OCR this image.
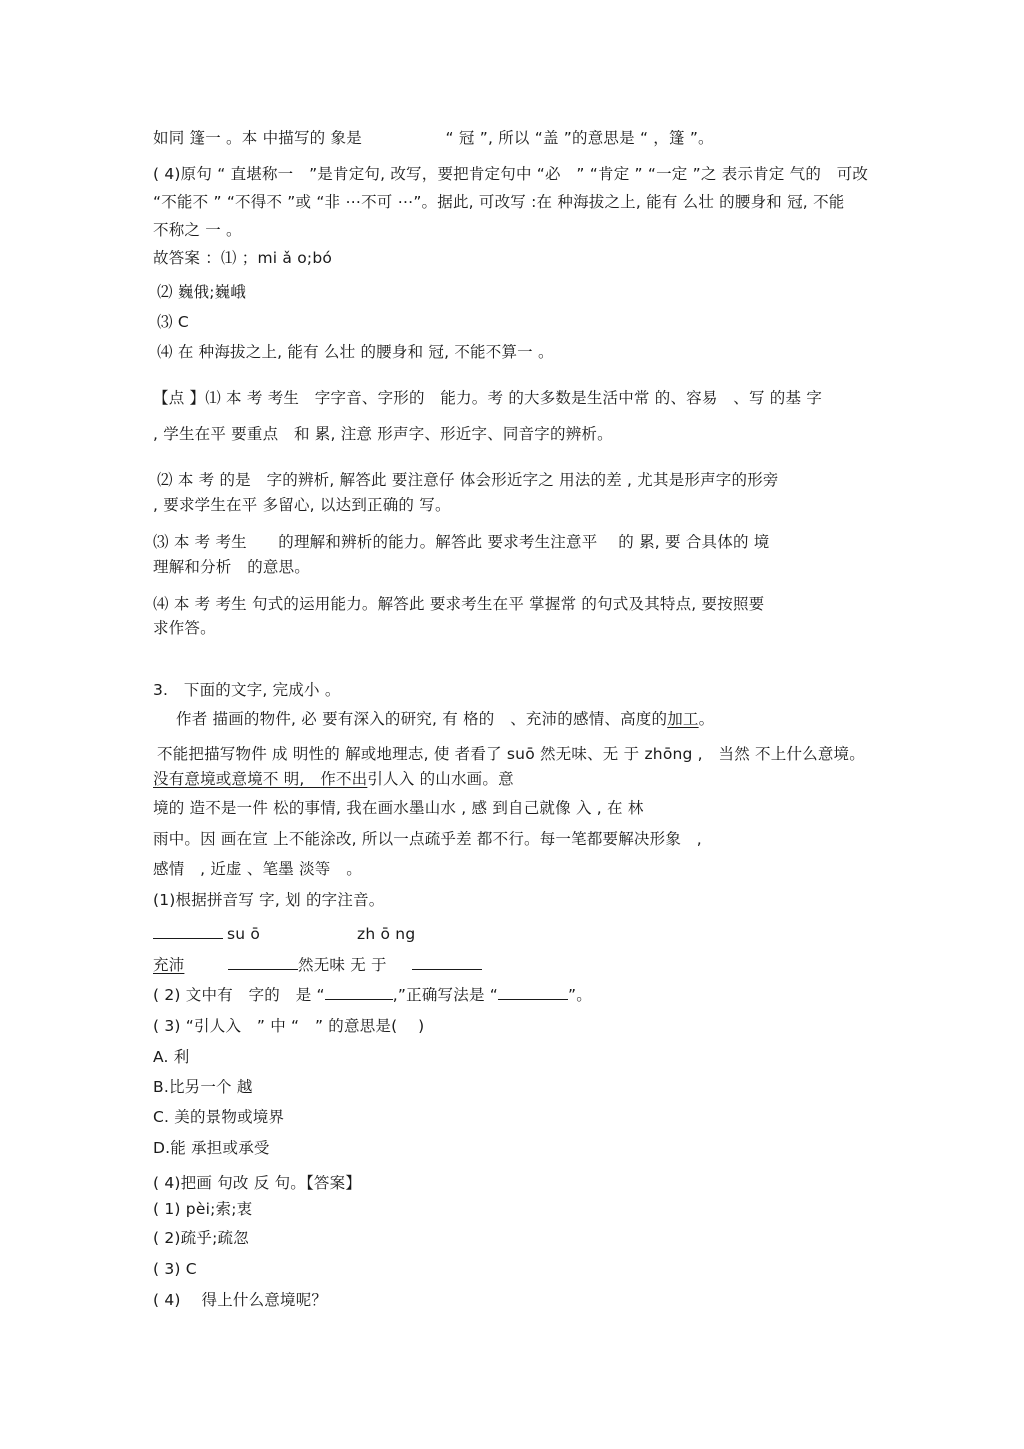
如同 篷一 。本 中描写的 象是　　　　　 “ 冠 ”, 所以 “盖 ”的意思是 “ ，篷 ”。
( 4)原句 “ 直堪称一　”是肯定句, 改写，要把肯定句中 “必　” “肯定 ” “一定 ”之 表示肯定 气的　可改
“不能不 ” “不得不 ”或 “非 ⋯不可 ⋯”。据此, 可改写 :在 种海拔之上, 能有 么壮 的腰身和 冠, 不能
不称之 一 。
故答案 ：⑴ ；mi ǎ o;bó
⑵ 巍俄;巍峨
⑶ C
⑷ 在 种海拔之上, 能有 么壮 的腰身和 冠, 不能不算一 。
【点 】⑴ 本 考 考生　字字音、字形的　能力。考 的大多数是生活中常 的、容易　、写 的基 字
, 学生在平 要重点　和 累, 注意 形声字、形近字、同音字的辨析。
⑵ 本 考 的是　字的辨析, 解答此 要注意仔 体会形近字之 用法的差 , 尤其是形声字的形旁
, 要求学生在平 多留心, 以达到正确的 写。
⑶ 本 考 考生　　的理解和辨析的能力。解答此 要求考生注意平　 的 累, 要 合具体的 境
理解和分析　的意思。
⑷ 本 考 考生 句式的运用能力。解答此 要求考生在平 掌握常 的句式及其特点, 要按照要
求作答。
3.　下面的文字, 完成小 。
作者 描画的物件, 必 要有深入的研究, 有 格的　、充沛的感情、高度的加工。
不能把描写物件 成 明性的 解或地理志, 使 者看了 suō 然无味、无 于 zhōng ,　当然 不上什么意境。
没有意境或意境不 明,　作不出引人入 的山水画。意
境的 造不是一件 松的事情, 我在画水墨山水 , 感 到自己就像 入 , 在 林
雨中。因 画在宣 上不能涂改, 所以一点疏乎差 都不行。每一笔都要解决形象　,
感情　, 近虚 、笔墨 淡等　。
(1)根据拼音写 字, 划 的字注音。
su ō	zh ō ng
充沛	然无味 无 于
( 2) 文中有　字的　是 “	,”正确写法是 “	”。
( 3) “引人入　” 中 “　” 的意思是(　 )
A. 利
B.比另一个 越
C. 美的景物或境界
D.能 承担或承受
( 4)把画 句改 反 句。【答案】
( 1) pèi;索;衷
( 2)疏乎;疏忽
( 3) C
( 4)　 得上什么意境呢？
